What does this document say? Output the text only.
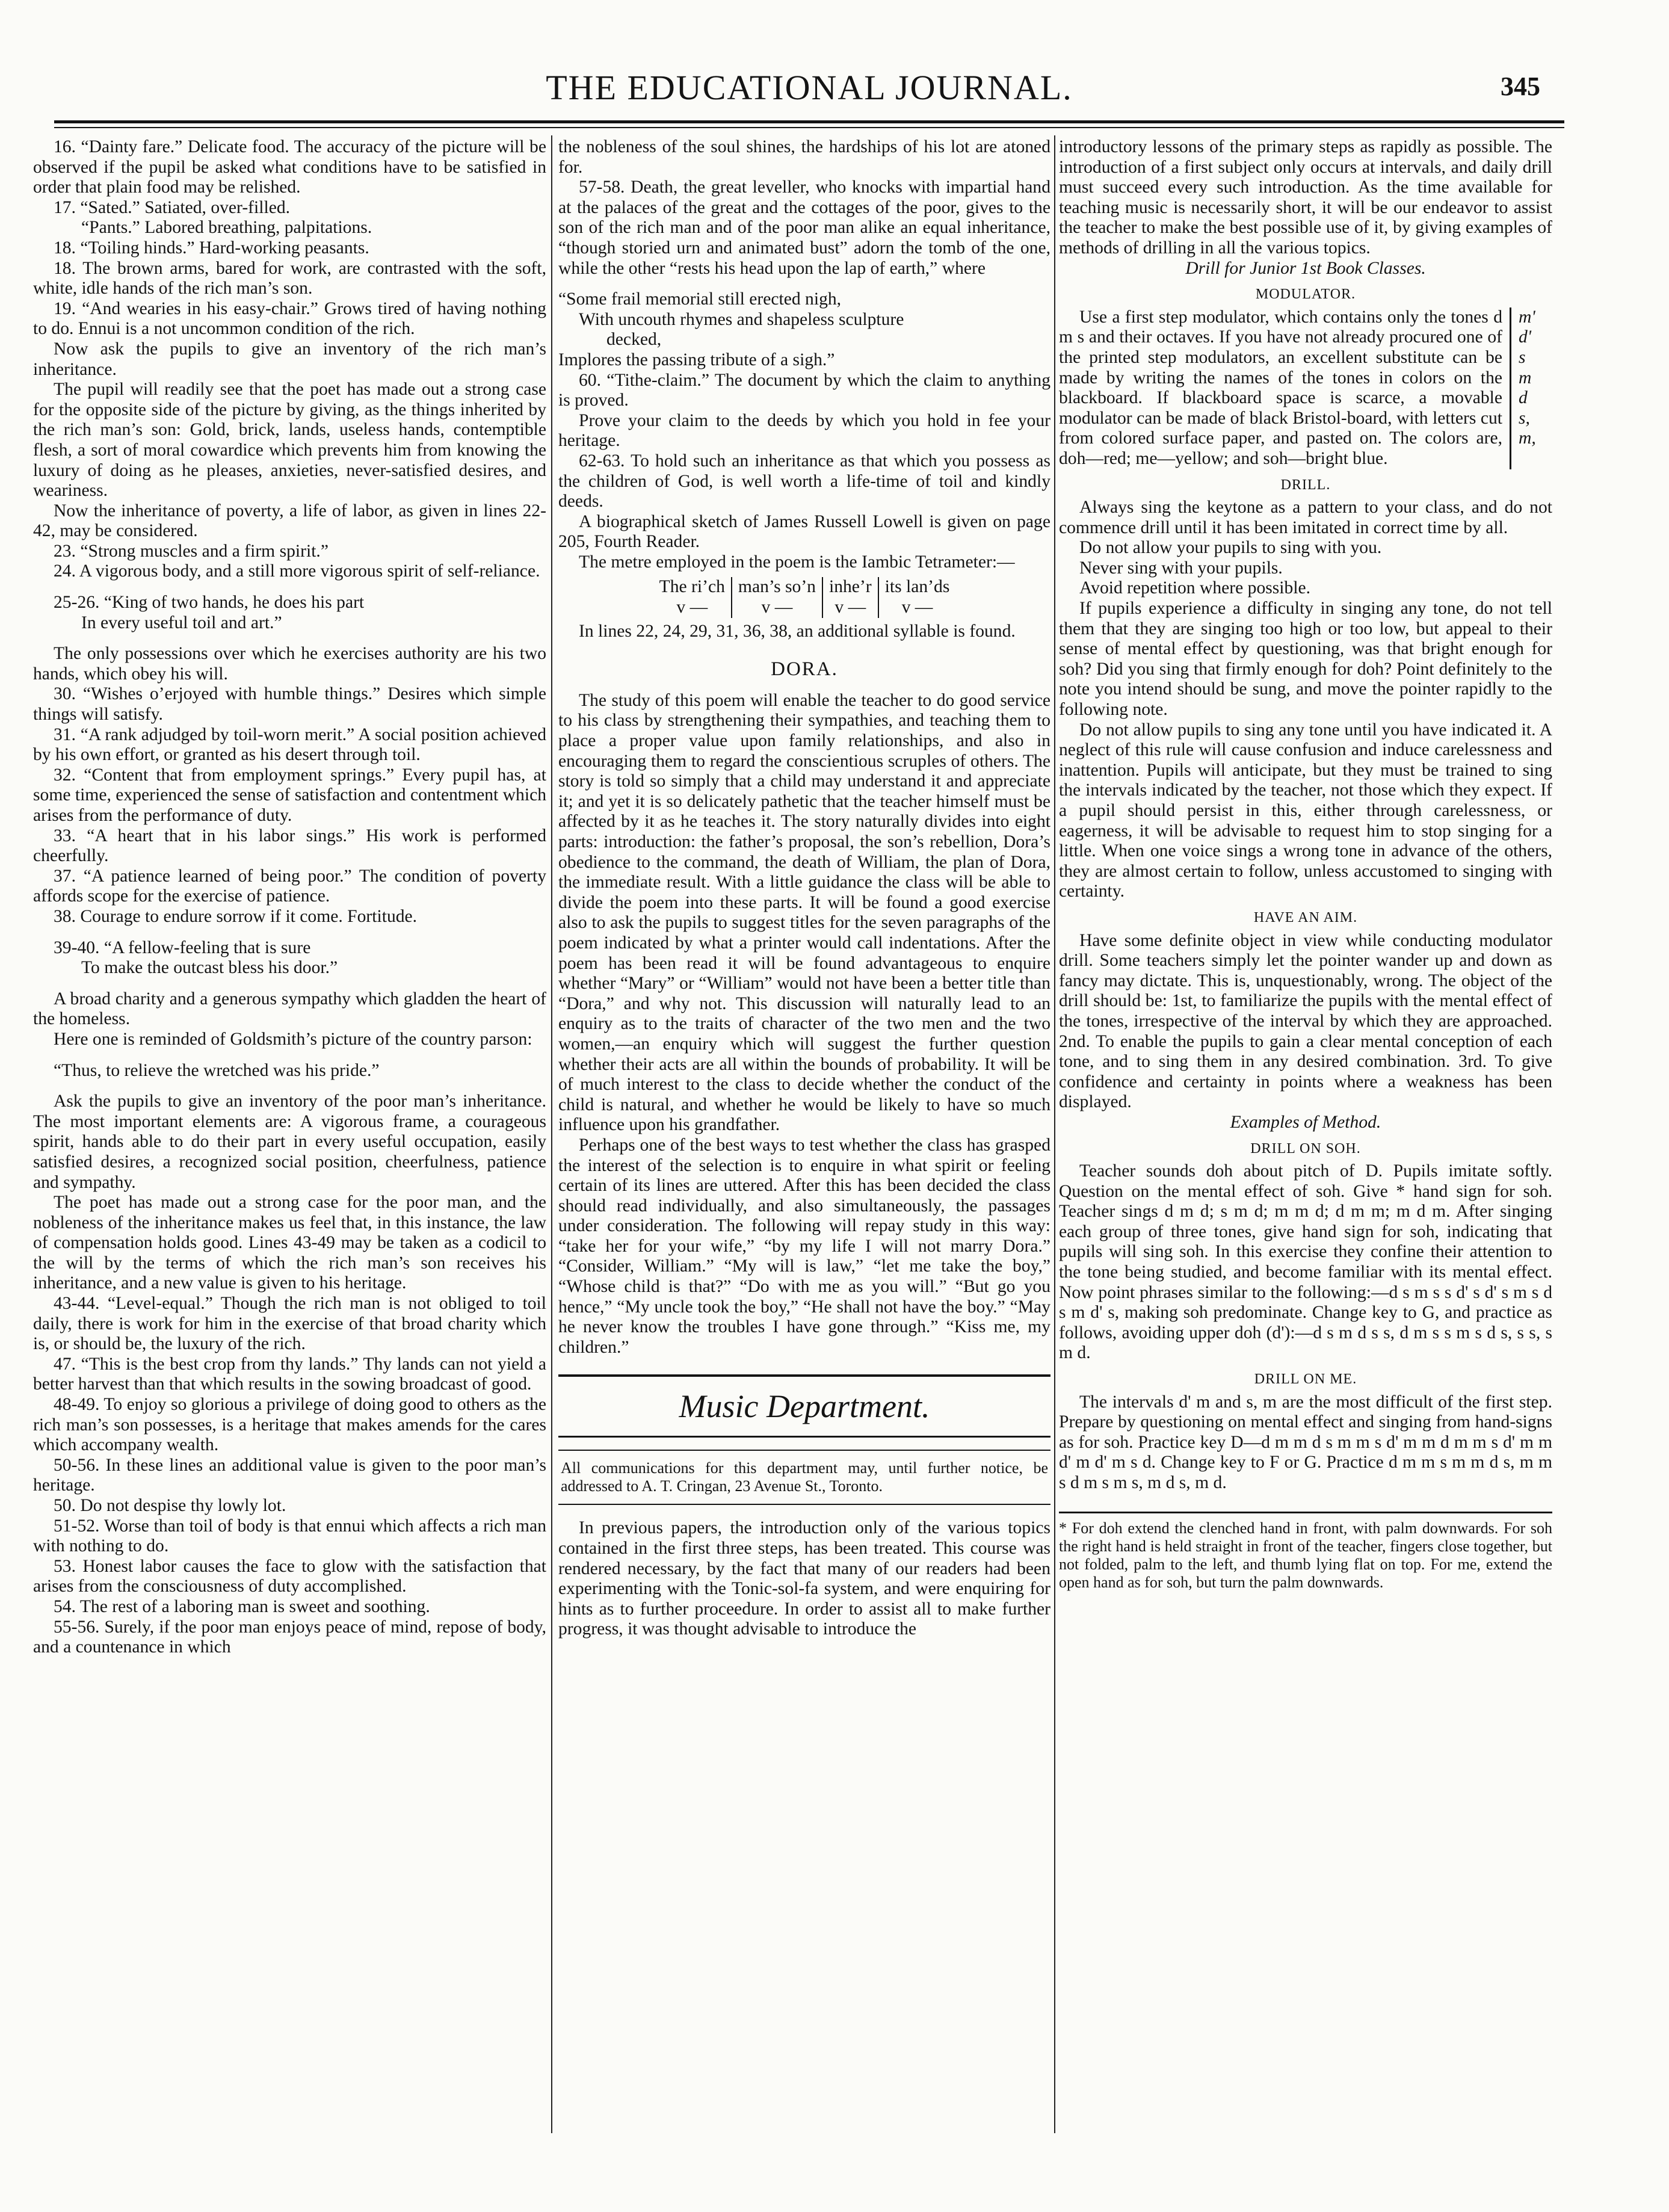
THE EDUCATIONAL JOURNAL.	345

16. “Dainty fare.” Delicate food. The accuracy of the picture will be observed if the pupil be asked what conditions have to be satisfied in order that plain food may be relished.

17. “Sated.” Satiated, over-filled.

“Pants.” Labored breathing, palpitations.

18. “Toiling hinds.” Hard-working peasants.

18. The brown arms, bared for work, are contrasted with the soft, white, idle hands of the rich man’s son.

19. “And wearies in his easy-chair.” Grows tired of having nothing to do. Ennui is a not uncommon condition of the rich.

Now ask the pupils to give an inventory of the rich man’s inheritance.

The pupil will readily see that the poet has made out a strong case for the opposite side of the picture by giving, as the things inherited by the rich man’s son: Gold, brick, lands, useless hands, contemptible flesh, a sort of moral cowardice which prevents him from knowing the luxury of doing as he pleases, anxieties, never-satisfied desires, and weariness.

Now the inheritance of poverty, a life of labor, as given in lines 22-42, may be considered.

23. “Strong muscles and a firm spirit.”

24. A vigorous body, and a still more vigorous spirit of self-reliance.

25-26. “King of two hands, he does his part

In every useful toil and art.”

The only possessions over which he exercises authority are his two hands, which obey his will.

30. “Wishes o’erjoyed with humble things.” Desires which simple things will satisfy.

31. “A rank adjudged by toil-worn merit.” A social position achieved by his own effort, or granted as his desert through toil.

32. “Content that from employment springs.” Every pupil has, at some time, experienced the sense of satisfaction and contentment which arises from the performance of duty.

33. “A heart that in his labor sings.” His work is performed cheerfully.

37. “A patience learned of being poor.” The condition of poverty affords scope for the exercise of patience.

38. Courage to endure sorrow if it come. Fortitude.

39-40. “A fellow-feeling that is sure

To make the outcast bless his door.”

A broad charity and a generous sympathy which gladden the heart of the homeless.

Here one is reminded of Goldsmith’s picture of the country parson:

“Thus, to relieve the wretched was his pride.”

Ask the pupils to give an inventory of the poor man’s inheritance. The most important elements are: A vigorous frame, a courageous spirit, hands able to do their part in every useful occupation, easily satisfied desires, a recognized social position, cheerfulness, patience and sympathy.

The poet has made out a strong case for the poor man, and the nobleness of the inheritance makes us feel that, in this instance, the law of compensation holds good. Lines 43-49 may be taken as a codicil to the will by the terms of which the rich man’s son receives his inheritance, and a new value is given to his heritage.

43-44. “Level-equal.” Though the rich man is not obliged to toil daily, there is work for him in the exercise of that broad charity which is, or should be, the luxury of the rich.

47. “This is the best crop from thy lands.” Thy lands can not yield a better harvest than that which results in the sowing broadcast of good.

48-49. To enjoy so glorious a privilege of doing good to others as the rich man’s son possesses, is a heritage that makes amends for the cares which accompany wealth.

50-56. In these lines an additional value is given to the poor man’s heritage.

50. Do not despise thy lowly lot.

51-52. Worse than toil of body is that ennui which affects a rich man with nothing to do.

53. Honest labor causes the face to glow with the satisfaction that arises from the consciousness of duty accomplished.

54. The rest of a laboring man is sweet and soothing.

55-56. Surely, if the poor man enjoys peace of mind, repose of body, and a countenance in which

the nobleness of the soul shines, the hardships of his lot are atoned for.

57-58. Death, the great leveller, who knocks with impartial hand at the palaces of the great and the cottages of the poor, gives to the son of the rich man and of the poor man alike an equal inheritance, “though storied urn and animated bust” adorn the tomb of the one, while the other “rests his head upon the lap of earth,” where

“Some frail memorial still erected nigh,

With uncouth rhymes and shapeless sculpture

decked,

Implores the passing tribute of a sigh.”

60. “Tithe-claim.” The document by which the claim to anything is proved.

Prove your claim to the deeds by which you hold in fee your heritage.

62-63. To hold such an inheritance as that which you possess as the children of God, is well worth a life-time of toil and kindly deeds.

A biographical sketch of James Russell Lowell is given on page 205, Fourth Reader.

The metre employed in the poem is the Iambic Tetrameter:—

The ri’ch
v —
man’s so’n
v —
inhe’r
v —
its lan’ds
v —

In lines 22, 24, 29, 31, 36, 38, an additional syllable is found.

DORA.

The study of this poem will enable the teacher to do good service to his class by strengthening their sympathies, and teaching them to place a proper value upon family relationships, and also in encouraging them to regard the conscientious scruples of others. The story is told so simply that a child may understand it and appreciate it; and yet it is so delicately pathetic that the teacher himself must be affected by it as he teaches it. The story naturally divides into eight parts: introduction: the father’s proposal, the son’s rebellion, Dora’s obedience to the command, the death of William, the plan of Dora, the immediate result. With a little guidance the class will be able to divide the poem into these parts. It will be found a good exercise also to ask the pupils to suggest titles for the seven paragraphs of the poem indicated by what a printer would call indentations. After the poem has been read it will be found advantageous to enquire whether “Mary” or “William” would not have been a better title than “Dora,” and why not. This discussion will naturally lead to an enquiry as to the traits of character of the two men and the two women,—an enquiry which will suggest the further question whether their acts are all within the bounds of probability. It will be of much interest to the class to decide whether the conduct of the child is natural, and whether he would be likely to have so much influence upon his grandfather.

Perhaps one of the best ways to test whether the class has grasped the interest of the selection is to enquire in what spirit or feeling certain of its lines are uttered. After this has been decided the class should read individually, and also simultaneously, the passages under consideration. The following will repay study in this way: “take her for your wife,” “by my life I will not marry Dora.” “Consider, William.” “My will is law,” “let me take the boy,” “Whose child is that?” “Do with me as you will.” “But go you hence,” “My uncle took the boy,” “He shall not have the boy.” “May he never know the troubles I have gone through.” “Kiss me, my children.”

Music Department.
All communications for this department may, until further notice, be addressed to A. T. Cringan, 23 Avenue St., Toronto.

In previous papers, the introduction only of the various topics contained in the first three steps, has been treated. This course was rendered necessary, by the fact that many of our readers had been experimenting with the Tonic-sol-fa system, and were enquiring for hints as to further proceedure. In order to assist all to make further progress, it was thought advisable to introduce the

introductory lessons of the primary steps as rapidly as possible. The introduction of a first subject only occurs at intervals, and daily drill must succeed every such introduction. As the time available for teaching music is necessarily short, it will be our endeavor to assist the teacher to make the best possible use of it, by giving examples of methods of drilling in all the various topics.

Drill for Junior 1st Book Classes.

MODULATOR.

Use a first step modulator, which contains only the tones d m s and their octaves. If you have not already procured one of the printed step modulators, an excellent substitute can be made by writing the names of the tones in colors on the blackboard. If blackboard space is scarce, a movable modulator can be made of black Bristol-board, with letters cut from colored surface paper, and pasted on. The colors are, doh—red; me—yellow; and soh—bright blue.

m'
d'
s
m
d
s,
m,

DRILL.

Always sing the keytone as a pattern to your class, and do not commence drill until it has been imitated in correct time by all.

Do not allow your pupils to sing with you.

Never sing with your pupils.

Avoid repetition where possible.

If pupils experience a difficulty in singing any tone, do not tell them that they are singing too high or too low, but appeal to their sense of mental effect by questioning, was that bright enough for soh? Did you sing that firmly enough for doh? Point definitely to the note you intend should be sung, and move the pointer rapidly to the following note.

Do not allow pupils to sing any tone until you have indicated it. A neglect of this rule will cause confusion and induce carelessness and inattention. Pupils will anticipate, but they must be trained to sing the intervals indicated by the teacher, not those which they expect. If a pupil should persist in this, either through carelessness, or eagerness, it will be advisable to request him to stop singing for a little. When one voice sings a wrong tone in advance of the others, they are almost certain to follow, unless accustomed to singing with certainty.

HAVE AN AIM.

Have some definite object in view while conducting modulator drill. Some teachers simply let the pointer wander up and down as fancy may dictate. This is, unquestionably, wrong. The object of the drill should be: 1st, to familiarize the pupils with the mental effect of the tones, irrespective of the interval by which they are approached. 2nd. To enable the pupils to gain a clear mental conception of each tone, and to sing them in any desired combination. 3rd. To give confidence and certainty in points where a weakness has been displayed.

Examples of Method.

DRILL ON SOH.

Teacher sounds doh about pitch of D. Pupils imitate softly. Question on the mental effect of soh. Give * hand sign for soh. Teacher sings d m d; s m d; m m d; d m m; m d m. After singing each group of three tones, give hand sign for soh, indicating that pupils will sing soh. In this exercise they confine their attention to the tone being studied, and become familiar with its mental effect. Now point phrases similar to the following:—d s m s s d' s d' s m s d s m d' s, making soh predominate. Change key to G, and practice as follows, avoiding upper doh (d'):—d s m d s s, d m s s m s d s, s s, s m d.

DRILL ON ME.

The intervals d' m and s, m are the most difficult of the first step. Prepare by questioning on mental effect and singing from hand-signs as for soh. Practice key D—d m m d s m m s d' m m d m m s d' m m d' m d' m s d. Change key to F or G. Practice d m m s m m d s, m m s d m s m s, m d s, m d.

* For doh extend the clenched hand in front, with palm downwards. For soh the right hand is held straight in front of the teacher, fingers close together, but not folded, palm to the left, and thumb lying flat on top. For me, extend the open hand as for soh, but turn the palm downwards.
